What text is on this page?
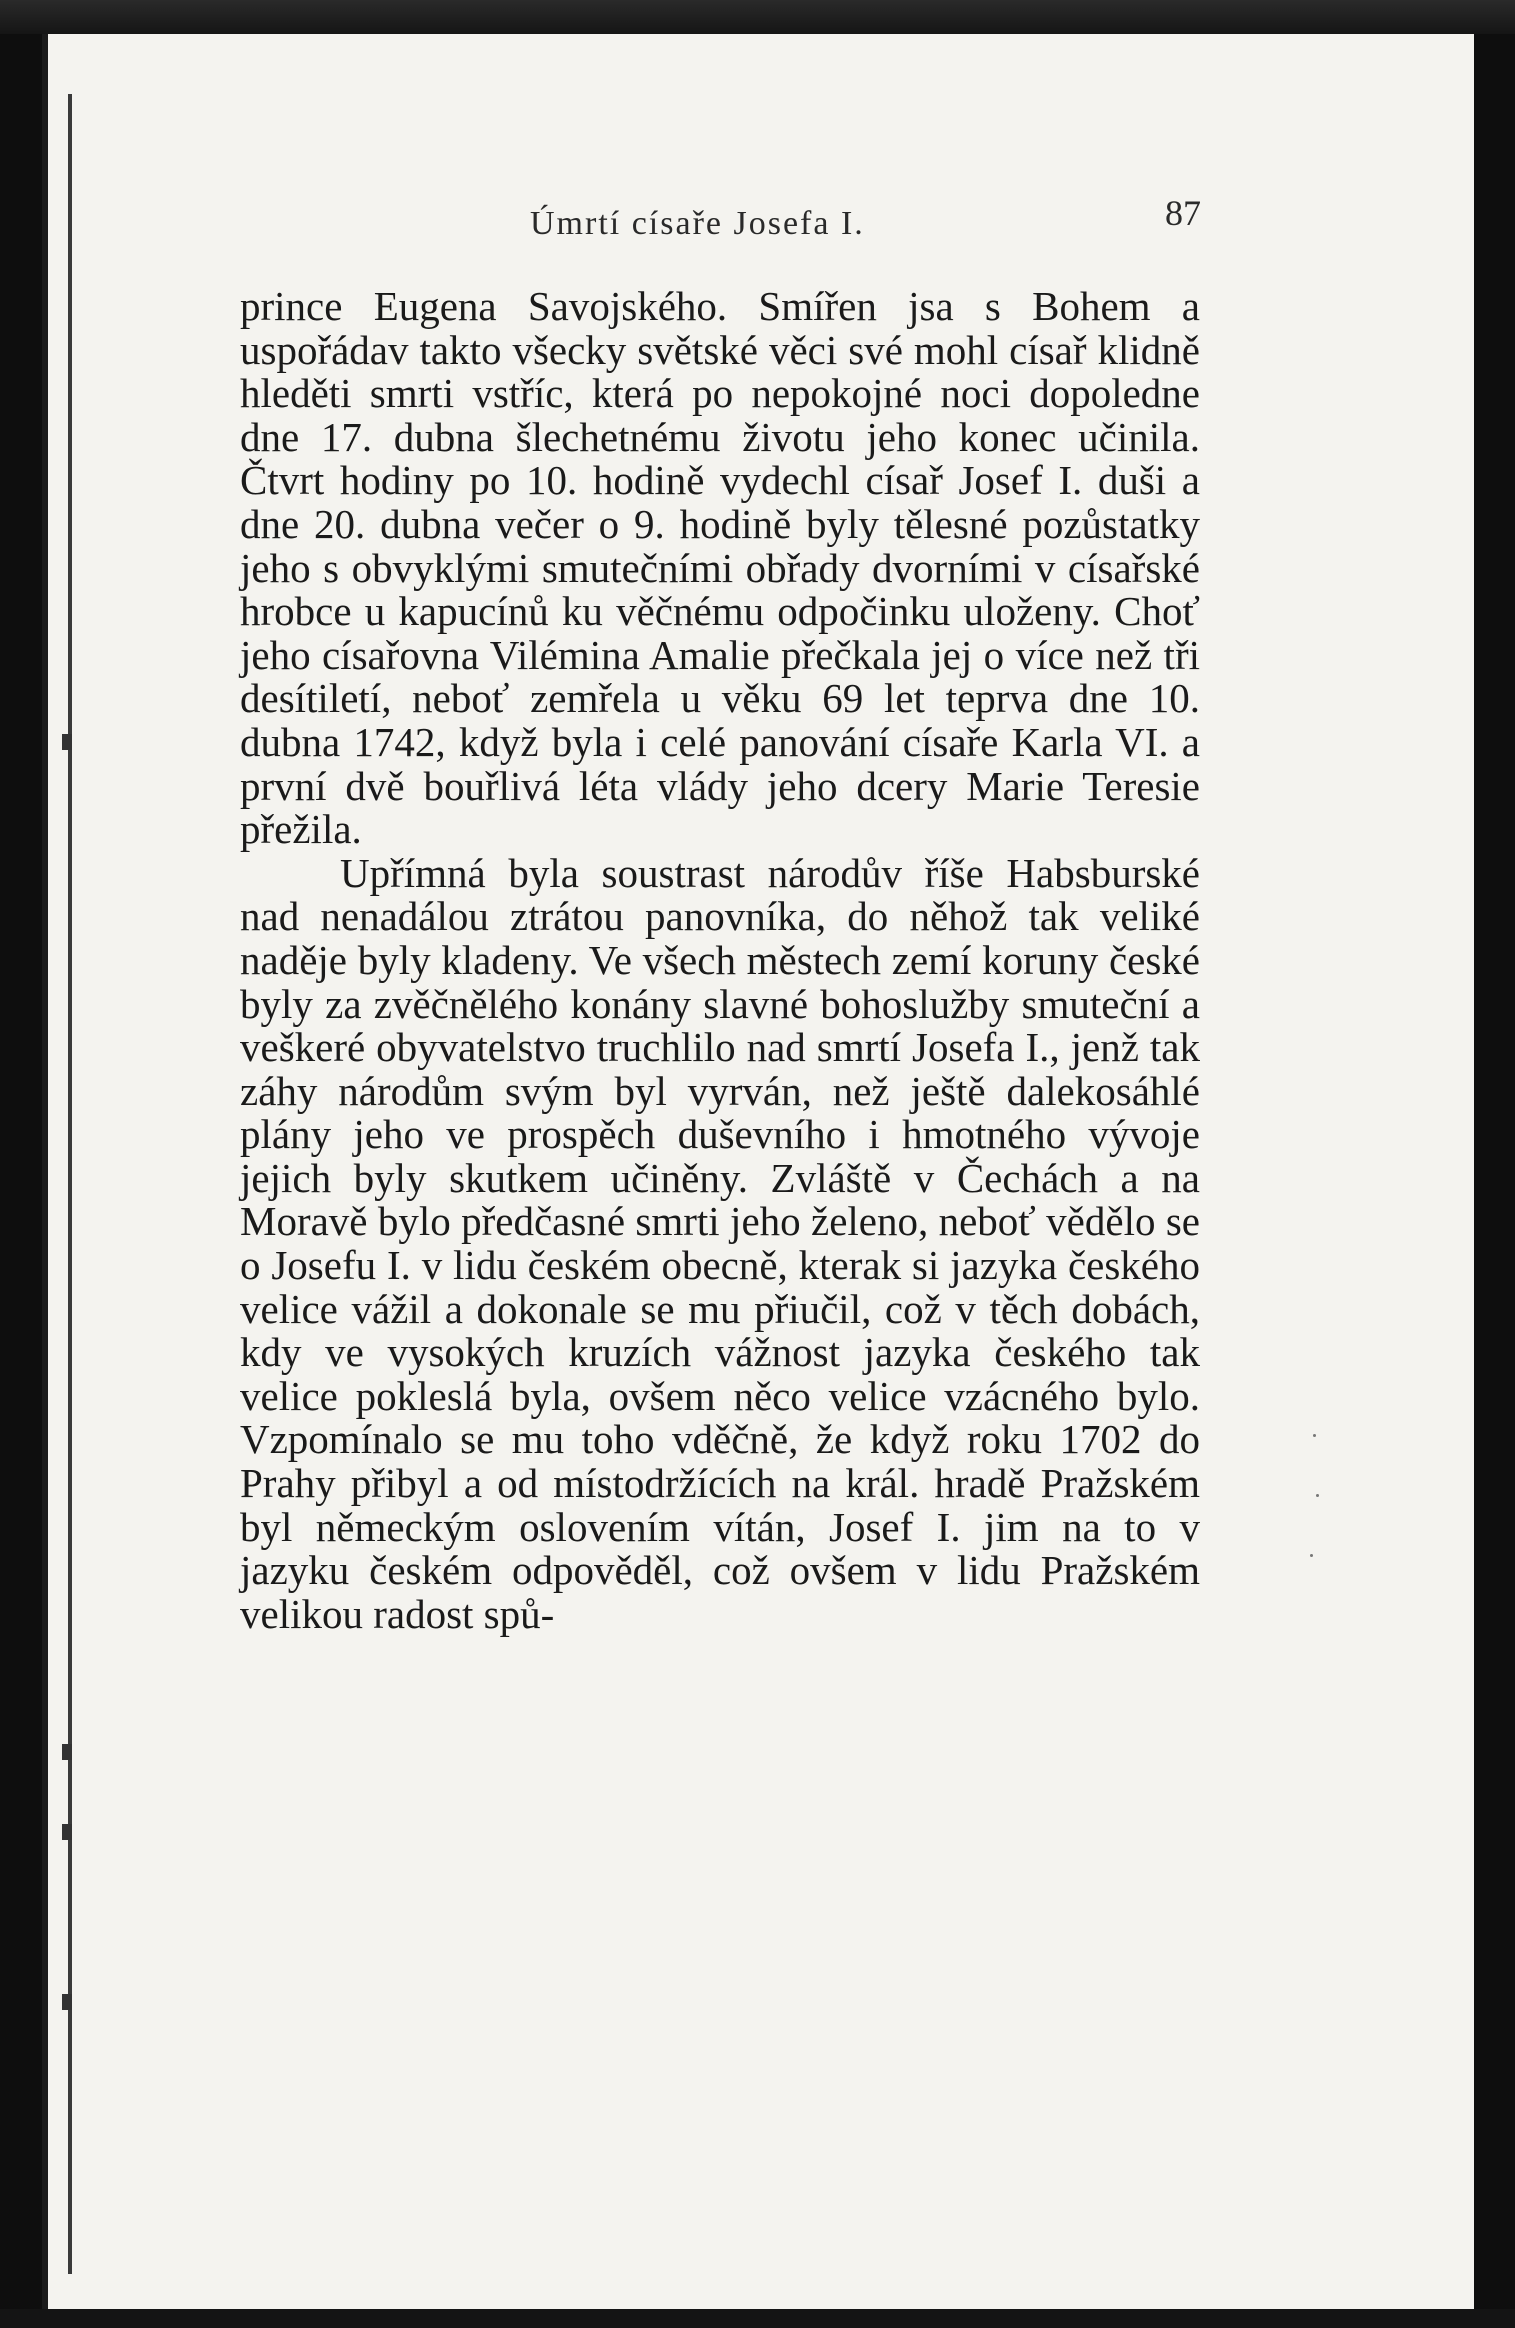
Úmrtí císaře Josefa I.	87

prince Eugena Savojského. Smířen jsa s Bohem a uspořádav takto všecky světské věci své mohl císař klidně hleděti smrti vstříc, která po nepokojné noci dopoledne dne 17. dubna šlechetnému životu jeho konec učinila. Čtvrt hodiny po 10. hodině vydechl císař Josef I. duši a dne 20. dubna večer o 9. hodině byly tělesné pozůstatky jeho s obvyklými smutečními obřady dvorními v císařské hrobce u kapucínů ku věčnému odpočinku uloženy. Choť jeho císařovna Vilémina Amalie přečkala jej o více než tři desítiletí, neboť zemřela u věku 69 let teprva dne 10. dubna 1742, když byla i celé panování císaře Karla VI. a první dvě bouřlivá léta vlády jeho dcery Marie Teresie přežila.

Upřímná byla soustrast národův říše Habsburské nad nenadálou ztrátou panovníka, do něhož tak veliké naděje byly kladeny. Ve všech městech zemí koruny české byly za zvěčnělého konány slavné bohoslužby smuteční a veškeré obyvatelstvo truchlilo nad smrtí Josefa I., jenž tak záhy národům svým byl vyrván, než ještě dalekosáhlé plány jeho ve prospěch duševního i hmotného vývoje jejich byly skutkem učiněny. Zvláště v Čechách a na Moravě bylo předčasné smrti jeho želeno, neboť vědělo se o Josefu I. v lidu českém obecně, kterak si jazyka českého velice vážil a dokonale se mu přiučil, což v těch dobách, kdy ve vysokých kruzích vážnost jazyka českého tak velice pokleslá byla, ovšem něco velice vzácného bylo. Vzpomínalo se mu toho vděčně, že když roku 1702 do Prahy přibyl a od místodržících na král. hradě Pražském byl německým oslovením vítán, Josef I. jim na to v jazyku českém odpověděl, což ovšem v lidu Pražském velikou radost spů-
